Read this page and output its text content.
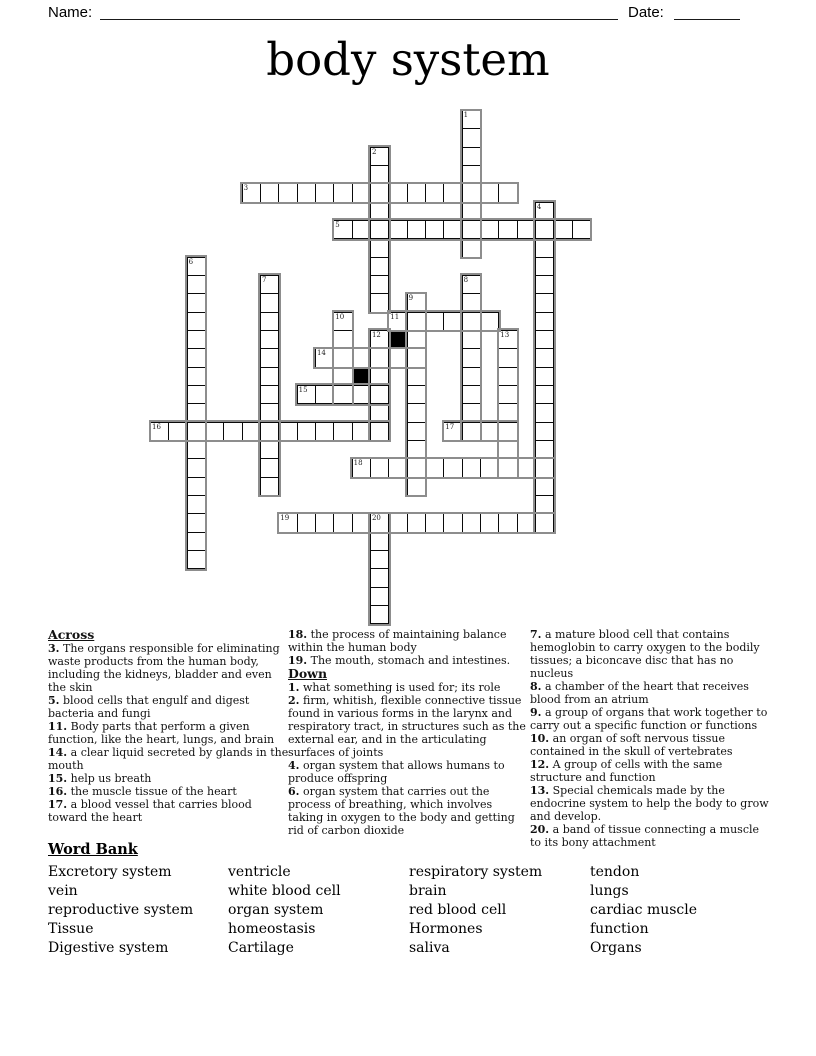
Name:	Date:
body system
3
5
11
14
15
16	17
18
19	20
1
2
4
6
7	8
9
10
12	13
Across
3. The organs responsible for eliminating waste products from the human body, including the kidneys, bladder and even the skin
5. blood cells that engulf and digest bacteria and fungi
11. Body parts that perform a given function, like the heart, lungs, and brain
14. a clear liquid secreted by glands in the mouth
15. help us breath
16. the muscle tissue of the heart
17. a blood vessel that carries blood toward the heart
18. the process of maintaining balance within the human body
19. The mouth, stomach and intestines.
Down
1. what something is used for; its role
2. firm, whitish, flexible connective tissue found in various forms in the larynx and respiratory tract, in structures such as the external ear, and in the articulating surfaces of joints
4. organ system that allows humans to produce offspring
6. organ system that carries out the process of breathing, which involves taking in oxygen to the body and getting rid of carbon dioxide
7. a mature blood cell that contains hemoglobin to carry oxygen to the bodily tissues; a biconcave disc that has no nucleus
8. a chamber of the heart that receives blood from an atrium
9. a group of organs that work together to carry out a specific function or functions
10. an organ of soft nervous tissue contained in the skull of vertebrates
12. A group of cells with the same structure and function
13. Special chemicals made by the endocrine system to help the body to grow and develop.
20. a band of tissue connecting a muscle to its bony attachment
Word Bank
Excretory system
vein
reproductive system
Tissue
Digestive system
ventricle
white blood cell
organ system
homeostasis
Cartilage
respiratory system
brain
red blood cell
Hormones
saliva
tendon
lungs
cardiac muscle
function
Organs
